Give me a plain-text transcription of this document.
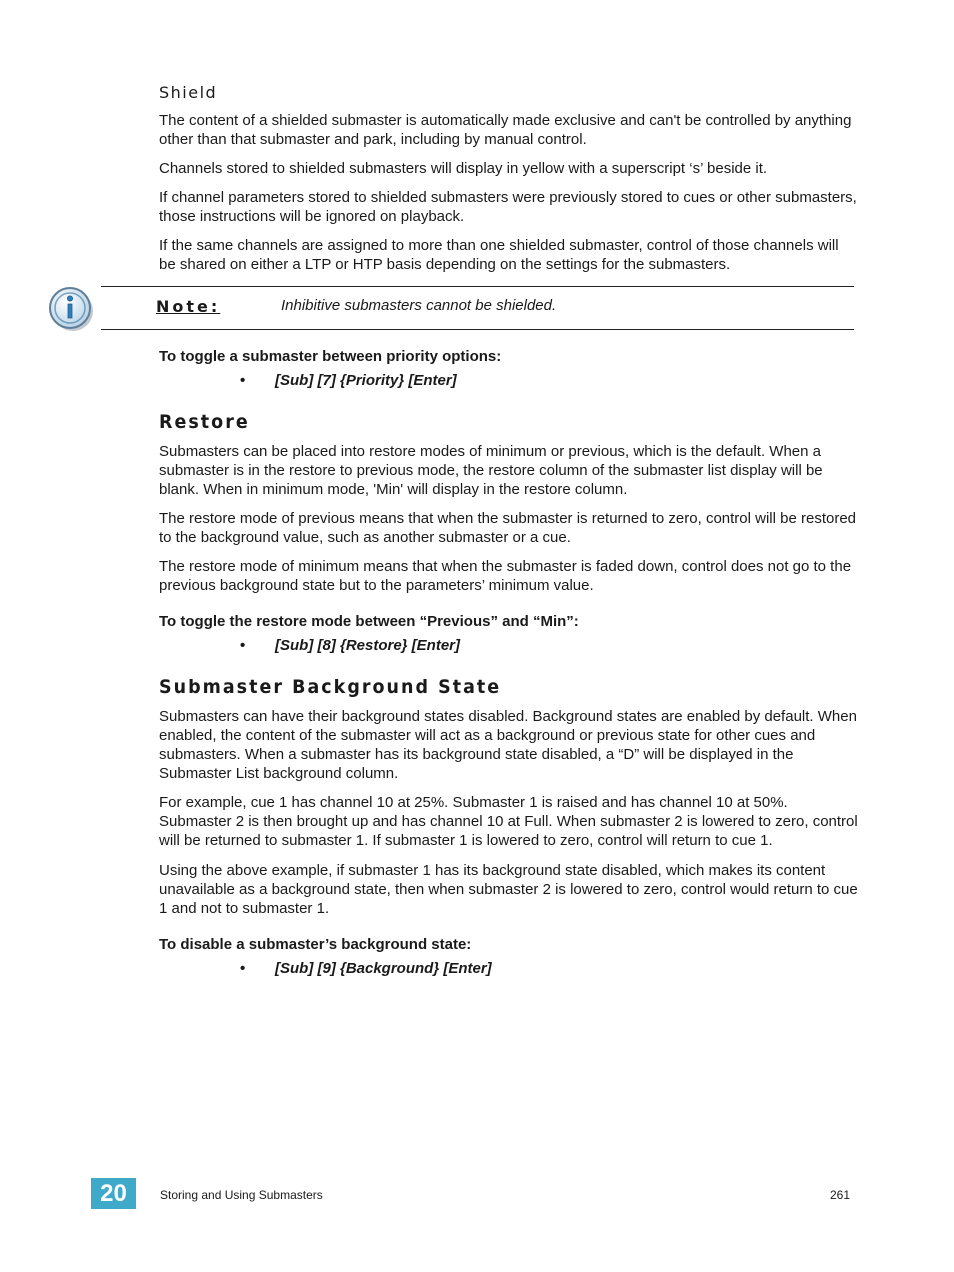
Shield

The content of a shielded submaster is automatically made exclusive and can't be controlled by anything other than that submaster and park, including by manual control.

Channels stored to shielded submasters will display in yellow with a superscript ‘s’ beside it.

If channel parameters stored to shielded submasters were previously stored to cues or other submasters, those instructions will be ignored on playback.

If the same channels are assigned to more than one shielded submaster, control of those channels will be shared on either a LTP or HTP basis depending on the settings for the submasters.

Note:	Inhibitive submasters cannot be shielded.
To toggle a submaster between priority options:
• [Sub] [7] {Priority} [Enter]
Restore

Submasters can be placed into restore modes of minimum or previous, which is the default. When a submaster is in the restore to previous mode, the restore column of the submaster list display will be blank. When in minimum mode, 'Min' will display in the restore column.

The restore mode of previous means that when the submaster is returned to zero, control will be restored to the background value, such as another submaster or a cue.

The restore mode of minimum means that when the submaster is faded down, control does not go to the previous background state but to the parameters’ minimum value.

To toggle the restore mode between “Previous” and “Min”:
• [Sub] [8] {Restore} [Enter]
Submaster Background State

Submasters can have their background states disabled. Background states are enabled by default. When enabled, the content of the submaster will act as a background or previous state for other cues and submasters. When a submaster has its background state disabled, a “D” will be displayed in the Submaster List background column.

For example, cue 1 has channel 10 at 25%. Submaster 1 is raised and has channel 10 at 50%. Submaster 2 is then brought up and has channel 10 at Full. When submaster 2 is lowered to zero, control will be returned to submaster 1. If submaster 1 is lowered to zero, control will return to cue 1.

Using the above example, if submaster 1 has its background state disabled, which makes its content unavailable as a background state, then when submaster 2 is lowered to zero, control would return to cue 1 and not to submaster 1.

To disable a submaster’s background state:
• [Sub] [9] {Background} [Enter]
20	Storing and Using Submasters	261
